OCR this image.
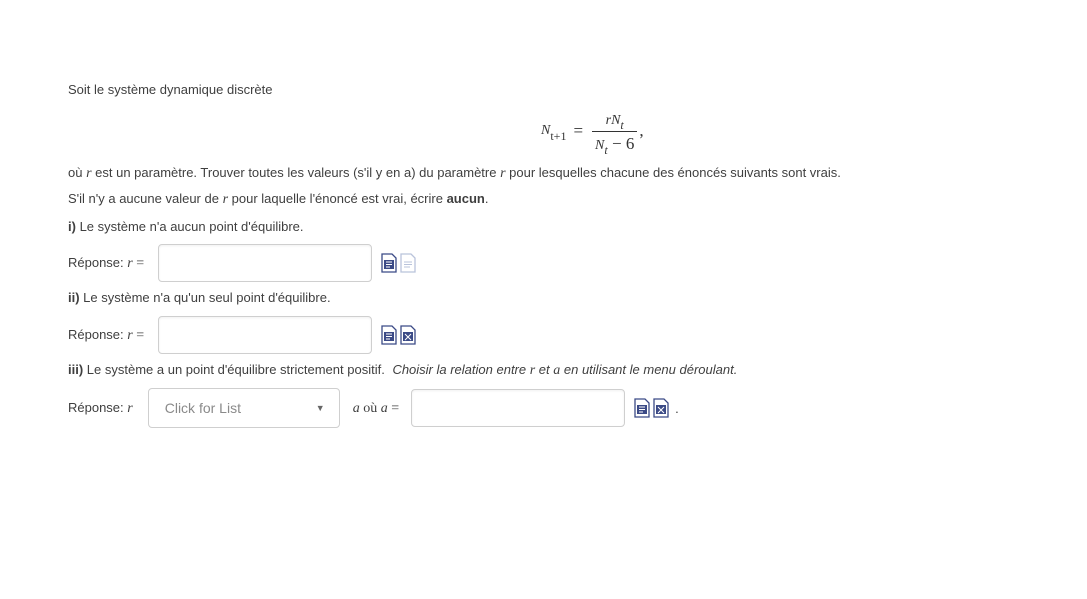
Soit le système dynamique discrète
N $t+1 = \frac{rN_t}{N_t - 6}$ ,
où r est un paramètre. Trouver toutes les valeurs (s'il y en a) du paramètre r pour lesquelles chacune des énoncés suivants sont vrais.
S'il n'y a aucune valeur de r pour laquelle l'énoncé est vrai, écrire aucun.
i) Le système n'a aucun point d'équilibre.
Réponse: r =
ii) Le système n'a qu'un seul point d'équilibre.
Réponse: r =
iii) Le système a un point d'équilibre strictement positif. Choisir la relation entre r et a en utilisant le menu déroulant.
Réponse: r Click for List	▼ a où a =	.
